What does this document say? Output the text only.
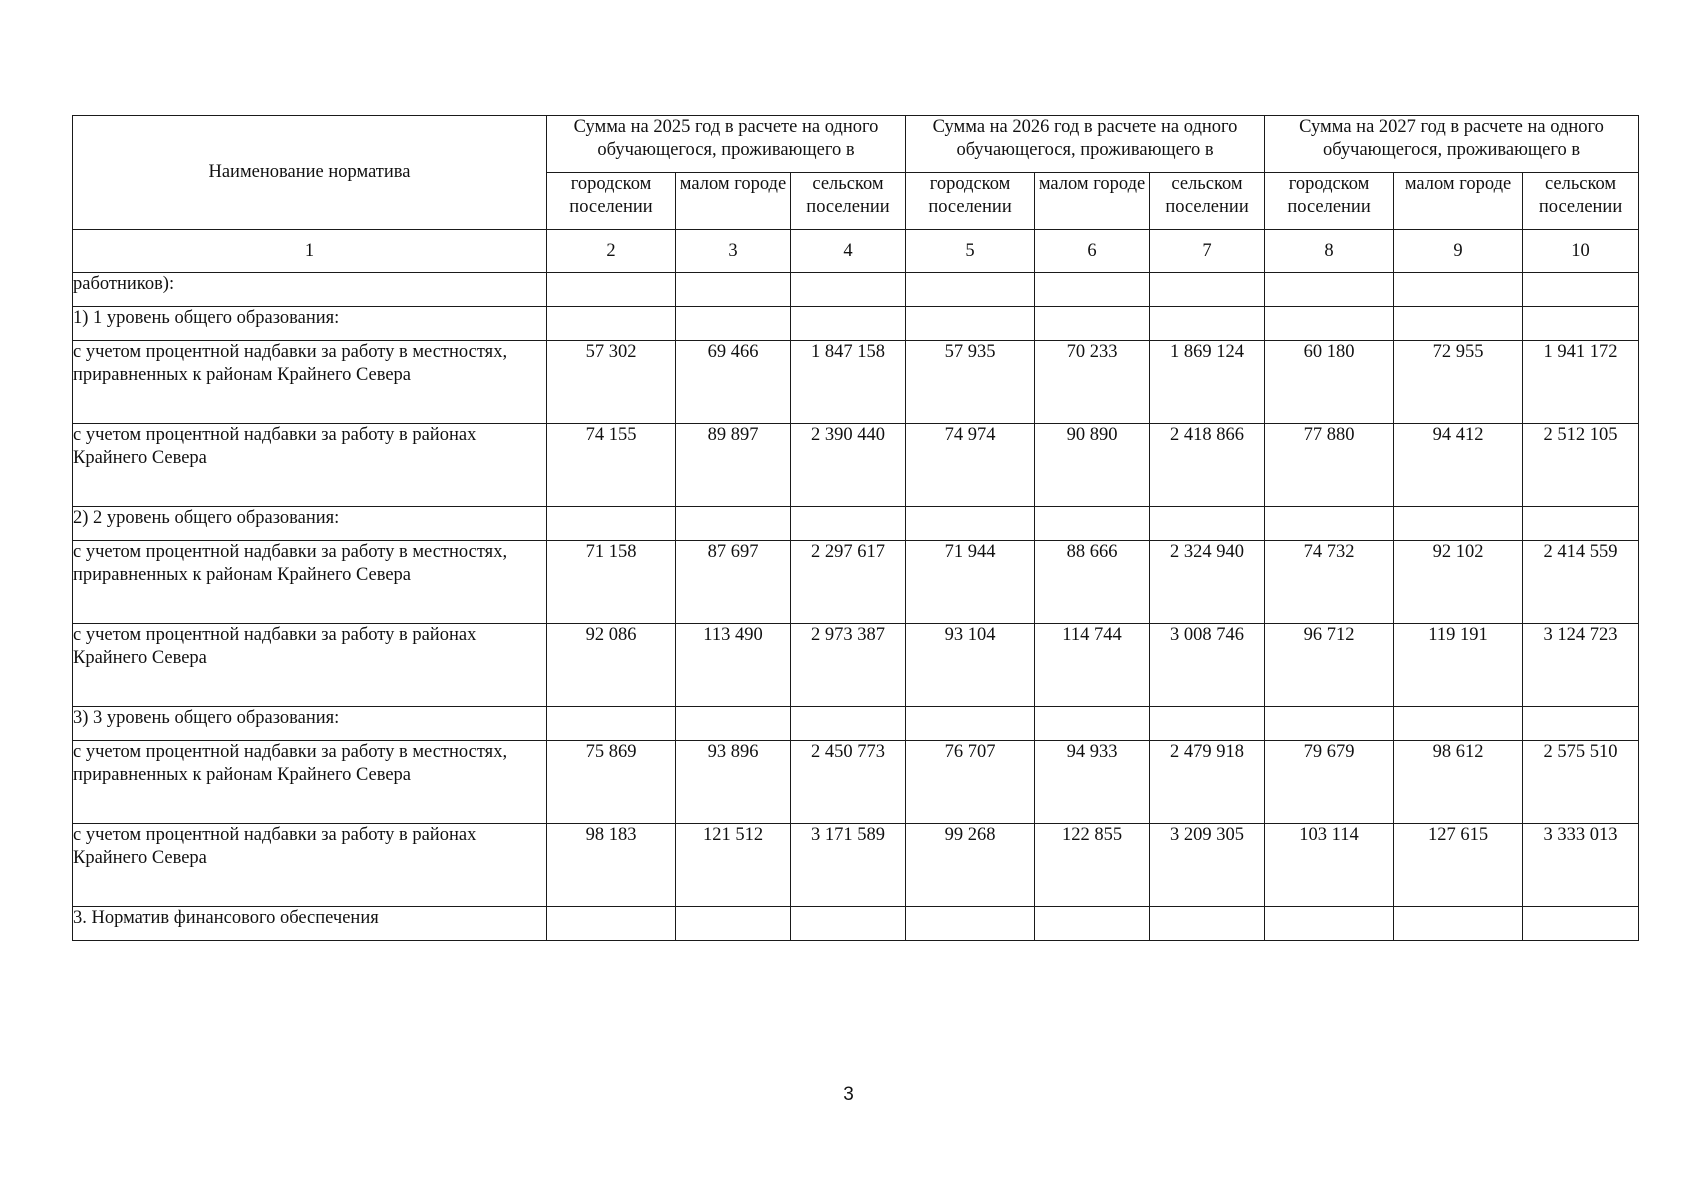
Наименование норматива	Сумма на 2025 год в расчете на одного обучающегося, проживающего в			Сумма на 2026 год в расчете на одного обучающегося, проживающего в			Сумма на 2027 год в расчете на одного обучающегося, проживающего в		
	городском поселении	малом городе	сельском поселении	городском поселении	малом городе	сельском поселении	городском поселении	малом городе	сельском поселении
1	2	3	4	5	6	7	8	9	10
работников):									
1) 1 уровень общего образования:									
с учетом процентной надбавки за работу в местностях, приравненных к районам Крайнего Севера	57 302	69 466	1 847 158	57 935	70 233	1 869 124	60 180	72 955	1 941 172
с учетом процентной надбавки за работу в районах Крайнего Севера	74 155	89 897	2 390 440	74 974	90 890	2 418 866	77 880	94 412	2 512 105
2) 2 уровень общего образования:									
с учетом процентной надбавки за работу в местностях, приравненных к районам Крайнего Севера	71 158	87 697	2 297 617	71 944	88 666	2 324 940	74 732	92 102	2 414 559
с учетом процентной надбавки за работу в районах Крайнего Севера	92 086	113 490	2 973 387	93 104	114 744	3 008 746	96 712	119 191	3 124 723
3) 3 уровень общего образования:									
с учетом процентной надбавки за работу в местностях, приравненных к районам Крайнего Севера	75 869	93 896	2 450 773	76 707	94 933	2 479 918	79 679	98 612	2 575 510
с учетом процентной надбавки за работу в районах Крайнего Севера	98 183	121 512	3 171 589	99 268	122 855	3 209 305	103 114	127 615	3 333 013
3. Норматив финансового обеспечения									
3
